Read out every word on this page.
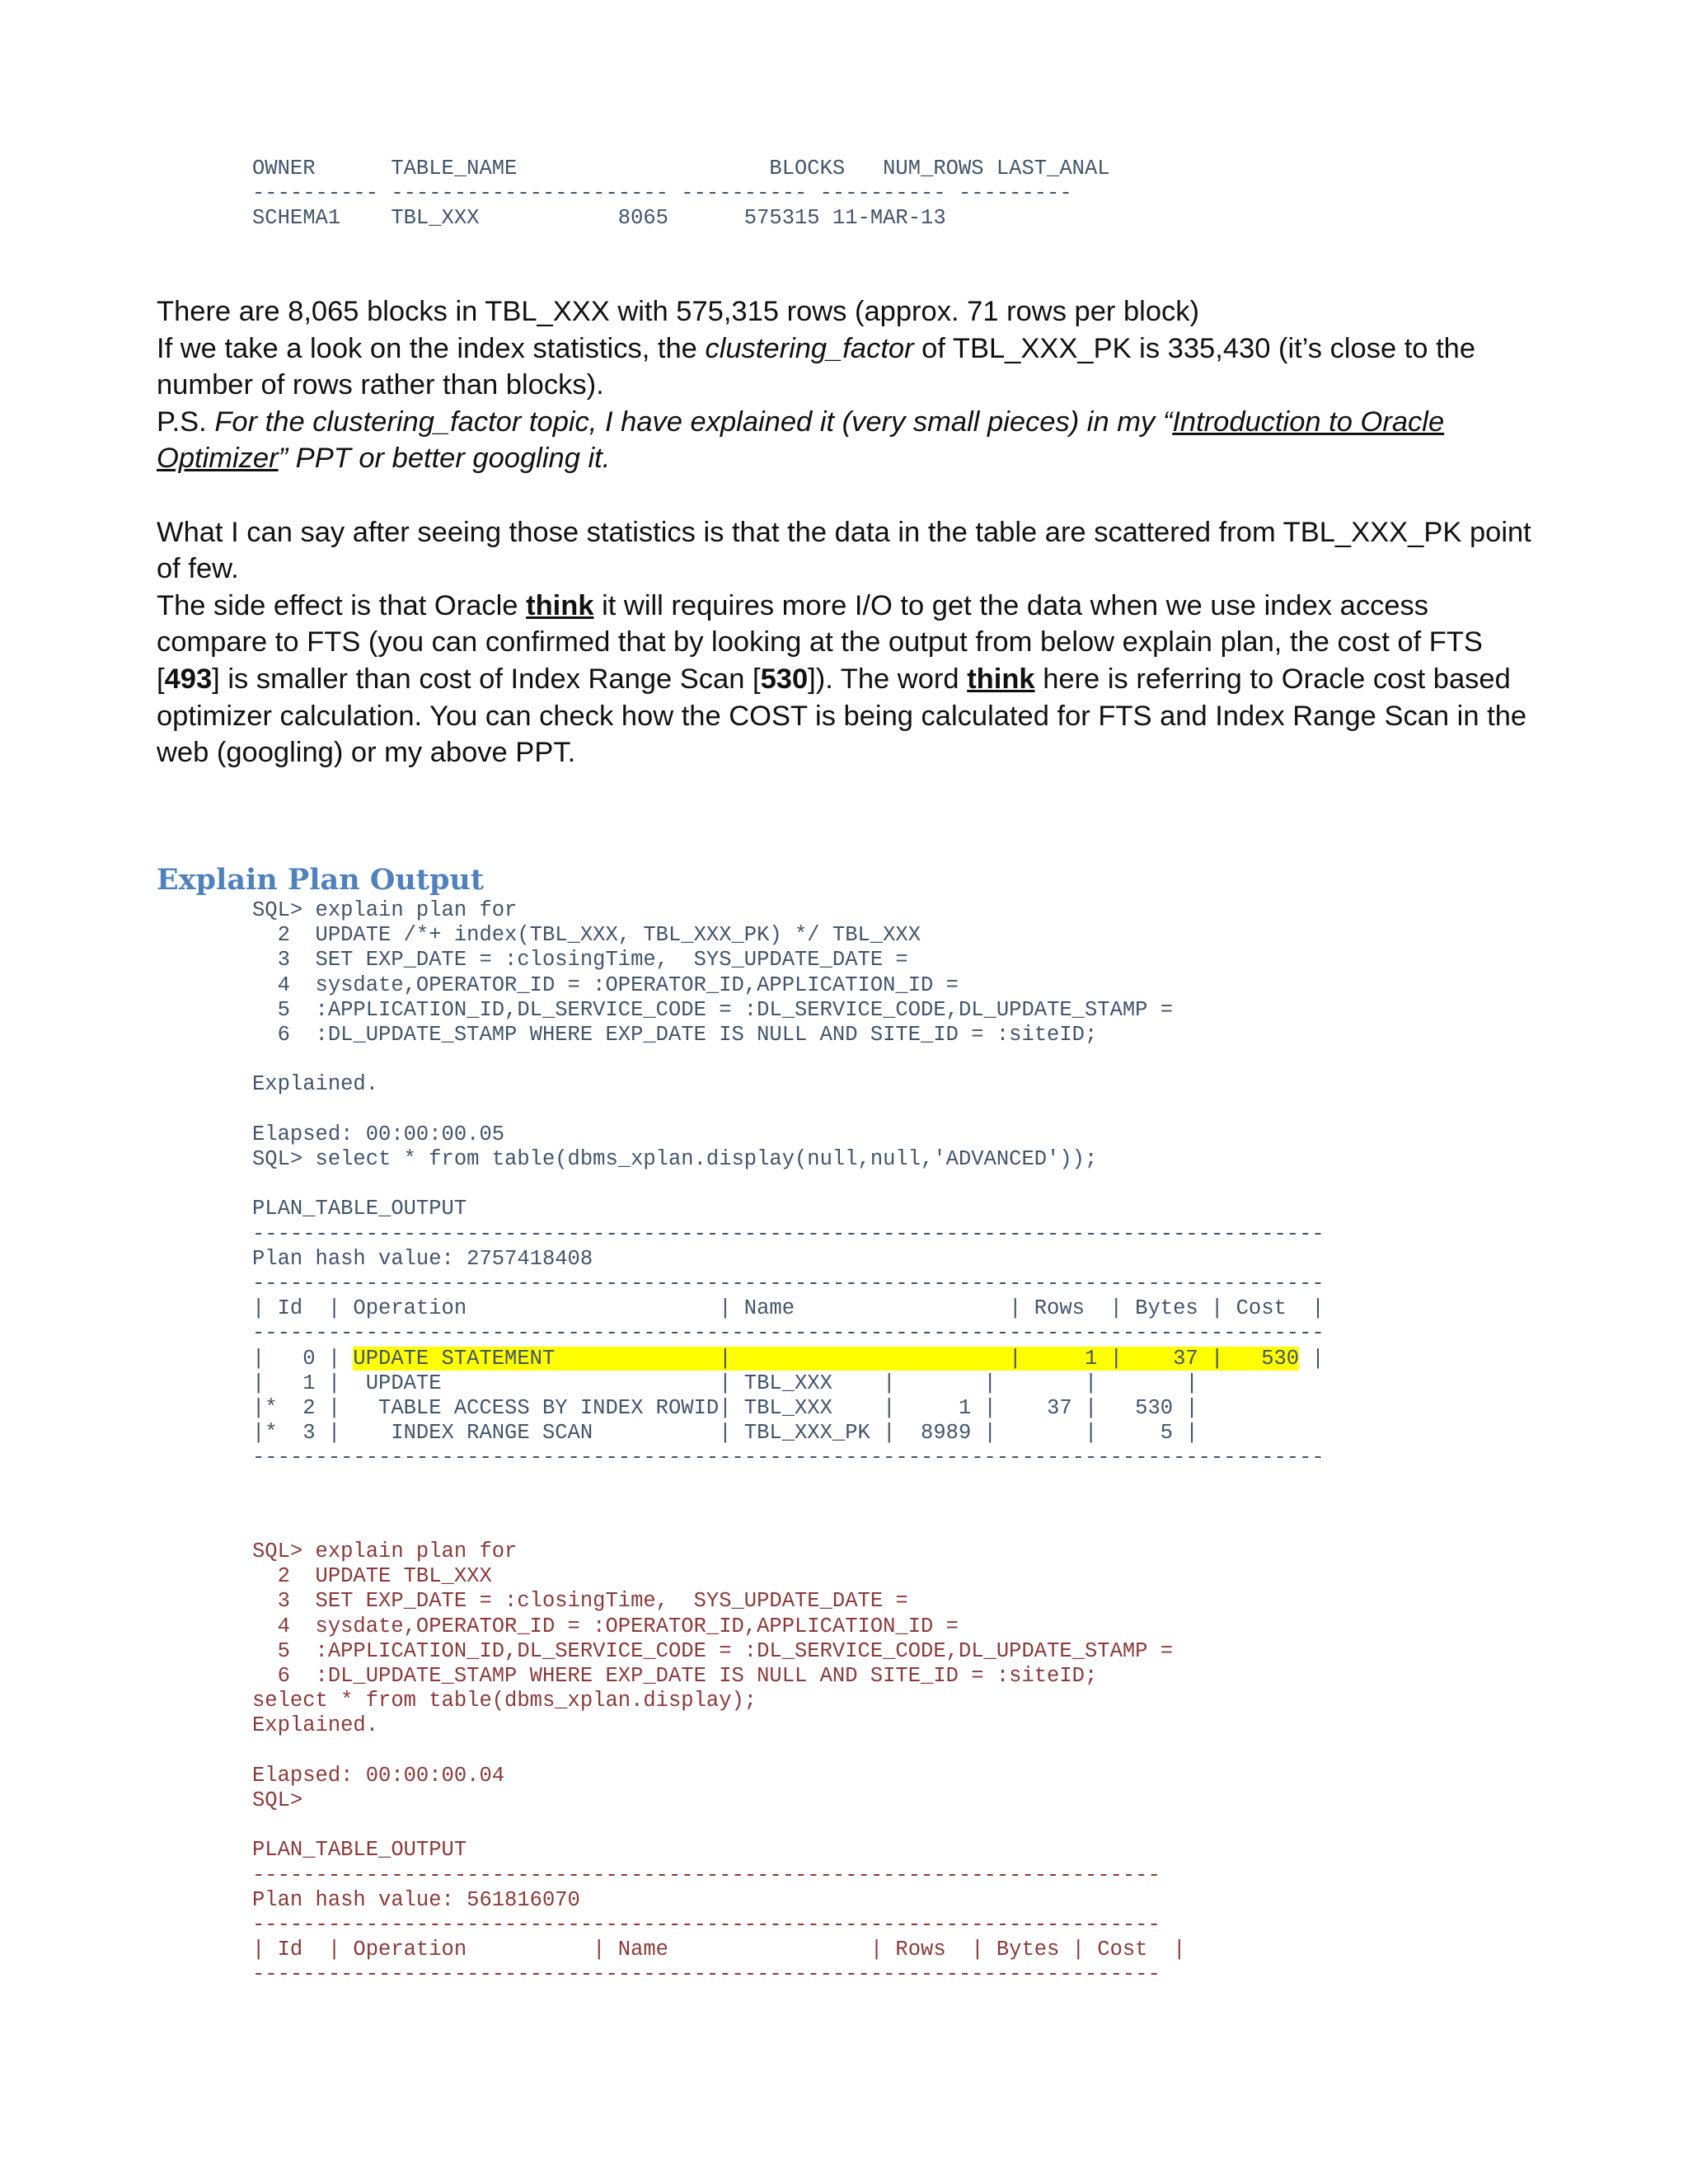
OWNER      TABLE_NAME                    BLOCKS   NUM_ROWS LAST_ANAL
---------- ---------------------- ---------- ---------- ---------
SCHEMA1    TBL_XXX           8065      575315 11-MAR-13

There are 8,065 blocks in TBL_XXX with 575,315 rows (approx. 71 rows per block)

If we take a look on the index statistics, the clustering_factor of TBL_XXX_PK is 335,430 (it’s close to the number of rows rather than blocks).

P.S. For the clustering_factor topic, I have explained it (very small pieces) in my “Introduction to Oracle Optimizer” PPT or better googling it.

What I can say after seeing those statistics is that the data in the table are scattered from TBL_XXX_PK point of few.

The side effect is that Oracle think it will requires more I/O to get the data when we use index access compare to FTS (you can confirmed that by looking at the output from below explain plan, the cost of FTS [493] is smaller than cost of Index Range Scan [530]). The word think here is referring to Oracle cost based optimizer calculation. You can check how the COST is being calculated for FTS and Index Range Scan in the web (googling) or my above PPT.

Explain Plan Output
SQL> explain plan for
2  UPDATE /*+ index(TBL_XXX, TBL_XXX_PK) */ TBL_XXX
3  SET EXP_DATE = :closingTime,  SYS_UPDATE_DATE =
4  sysdate,OPERATOR_ID = :OPERATOR_ID,APPLICATION_ID =
5  :APPLICATION_ID,DL_SERVICE_CODE = :DL_SERVICE_CODE,DL_UPDATE_STAMP =
6  :DL_UPDATE_STAMP WHERE EXP_DATE IS NULL AND SITE_ID = :siteID;

Explained.

Elapsed: 00:00:00.05
SQL> select * from table(dbms_xplan.display(null,null,'ADVANCED'));

PLAN_TABLE_OUTPUT
-------------------------------------------------------------------------------------
Plan hash value: 2757418408
-------------------------------------------------------------------------------------
| Id  | Operation                    | Name                 | Rows  | Bytes | Cost  |
-------------------------------------------------------------------------------------
|   0 | UPDATE STATEMENT             |                      |     1 |    37 |   530 |
|   1 |  UPDATE                      | TBL_XXX    |       |       |       |
|*  2 |   TABLE ACCESS BY INDEX ROWID| TBL_XXX    |     1 |    37 |   530 |
|*  3 |    INDEX RANGE SCAN          | TBL_XXX_PK |  8989 |       |     5 |
-------------------------------------------------------------------------------------
SQL> explain plan for
2  UPDATE TBL_XXX
3  SET EXP_DATE = :closingTime,  SYS_UPDATE_DATE =
4  sysdate,OPERATOR_ID = :OPERATOR_ID,APPLICATION_ID =
5  :APPLICATION_ID,DL_SERVICE_CODE = :DL_SERVICE_CODE,DL_UPDATE_STAMP =
6  :DL_UPDATE_STAMP WHERE EXP_DATE IS NULL AND SITE_ID = :siteID;
select * from table(dbms_xplan.display);
Explained.

Elapsed: 00:00:00.04
SQL>

PLAN_TABLE_OUTPUT
------------------------------------------------------------------------
Plan hash value: 561816070
------------------------------------------------------------------------
| Id  | Operation          | Name                | Rows  | Bytes | Cost  |
------------------------------------------------------------------------
